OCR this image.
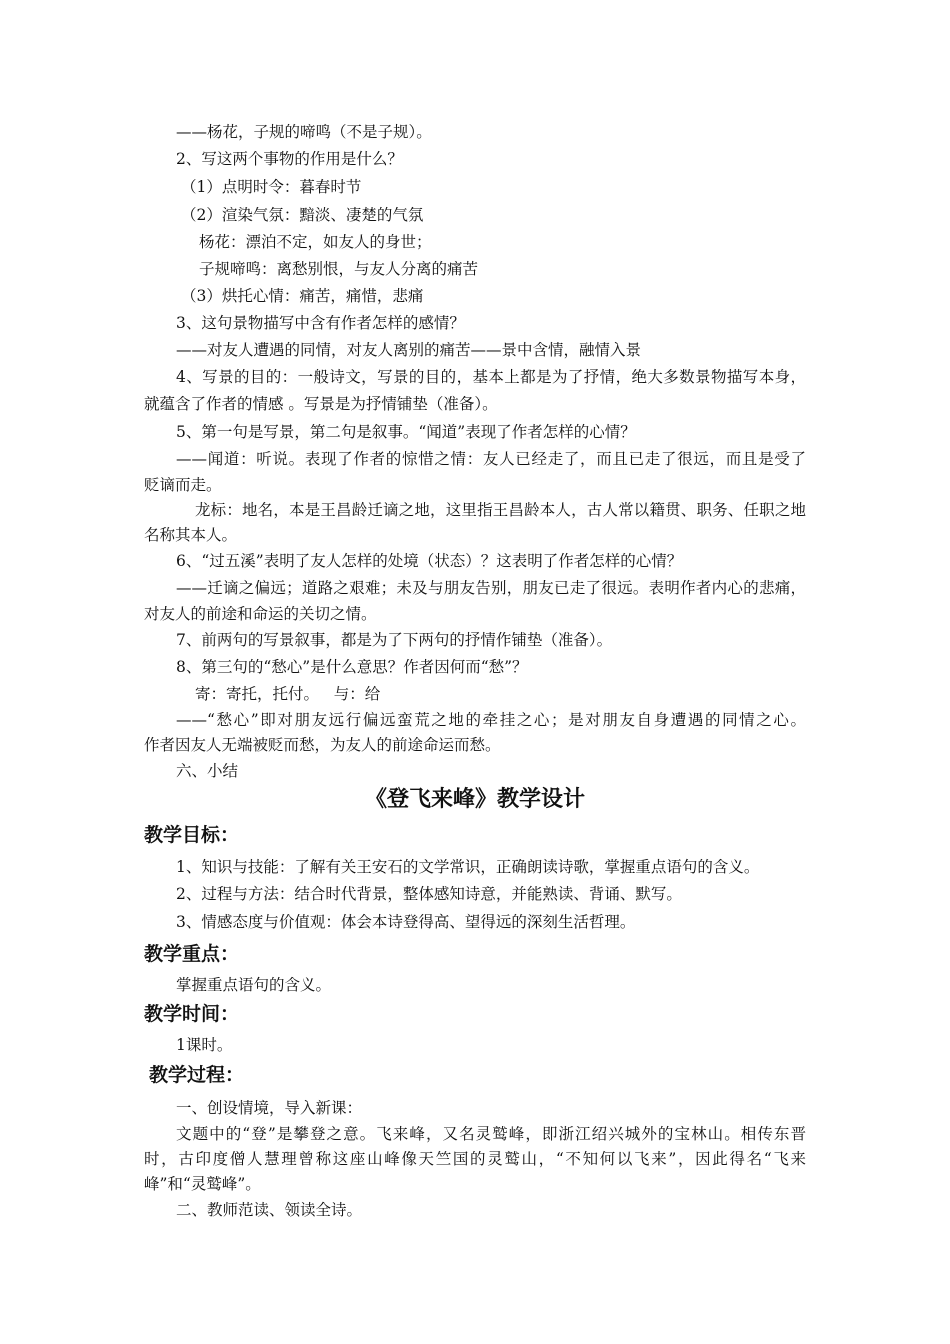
——杨花，子规的啼鸣（不是子规）。
2、写这两个事物的作用是什么？
（1）点明时令：暮春时节
（2）渲染气氛：黯淡、凄楚的气氛
杨花：漂泊不定，如友人的身世；
子规啼鸣：离愁别恨，与友人分离的痛苦
（3）烘托心情：痛苦，痛惜，悲痛
3、这句景物描写中含有作者怎样的感情？
——对友人遭遇的同情，对友人离别的痛苦——景中含情，融情入景
4、写景的目的：一般诗文，写景的目的，基本上都是为了抒情，绝大多数景物描写本身，
就蕴含了作者的情感 。写景是为抒情铺垫（准备）。
5、第一句是写景，第二句是叙事。“闻道”表现了作者怎样的心情？
——闻道：听说。表现了作者的惊惜之情：友人已经走了，而且已走了很远，而且是受了
贬谪而走。
龙标：地名，本是王昌龄迁谪之地，这里指王昌龄本人，古人常以籍贯、职务、任职之地
名称其本人。
6、“过五溪”表明了友人怎样的处境（状态）？这表明了作者怎样的心情？
——迁谪之偏远；道路之艰难；未及与朋友告别，朋友已走了很远。表明作者内心的悲痛，
对友人的前途和命运的关切之情。
7、前两句的写景叙事，都是为了下两句的抒情作铺垫（准备）。
8、第三句的“愁心”是什么意思？作者因何而“愁”？
寄：寄托，托付。   与：给
——“愁心”即对朋友远行偏远蛮荒之地的牵挂之心；是对朋友自身遭遇的同情之心。
作者因友人无端被贬而愁，为友人的前途命运而愁。
六、小结
《登飞来峰》教学设计
教学目标：
1、知识与技能：了解有关王安石的文学常识，正确朗读诗歌，掌握重点语句的含义。
2、过程与方法：结合时代背景，整体感知诗意，并能熟读、背诵、默写。
3、情感态度与价值观：体会本诗登得高、望得远的深刻生活哲理。
教学重点：
掌握重点语句的含义。
教学时间：
1课时。
教学过程：
一、创设情境，导入新课：
文题中的“登”是攀登之意。飞来峰，又名灵鹫峰，即浙江绍兴城外的宝林山。相传东晋
时，古印度僧人慧理曾称这座山峰像天竺国的灵鹫山，“不知何以飞来”，因此得名“飞来
峰”和“灵鹫峰”。
二、教师范读、领读全诗。
